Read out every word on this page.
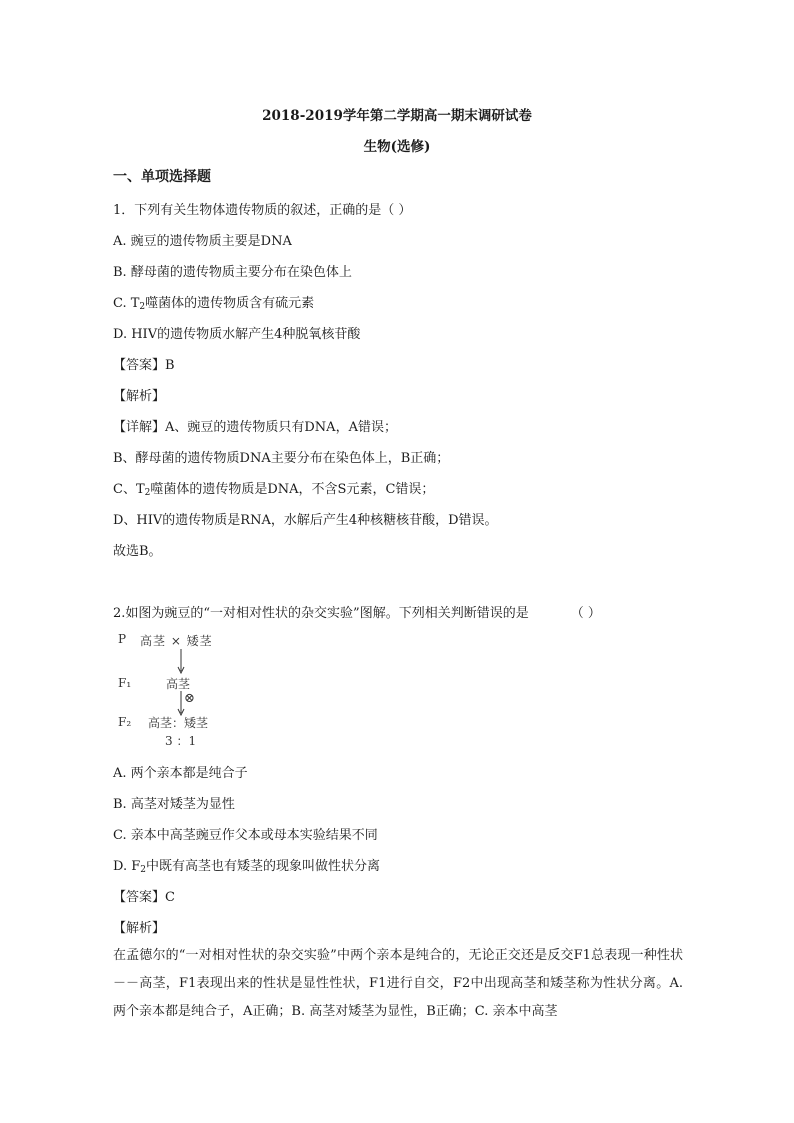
2018-2019学年第二学期高一期末调研试卷
生物(选修)
一、单项选择题
1．下列有关生物体遗传物质的叙述，正确的是（ ）
A. 豌豆的遗传物质主要是DNA
B. 酵母菌的遗传物质主要分布在染色体上
C. $T_2$噬菌体的遗传物质含有硫元素
D. HIV的遗传物质水解产生4种脱氧核苷酸
【答案】B
【解析】
【详解】A、豌豆的遗传物质只有DNA，A错误；
B、酵母菌的遗传物质DNA主要分布在染色体上，B正确；
C、$T_2$噬菌体的遗传物质是DNA，不含S元素，C错误；
D、HIV的遗传物质是RNA，水解后产生4种核糖核苷酸，D错误。
故选B。
2.如图为豌豆的“一对相对性状的杂交实验”图解。下列相关判断错误的是	（ ）
P 高茎 × 矮茎
F₁	高茎
⊗
F₂ 高茎：矮茎
3 ：1
A. 两个亲本都是纯合子
B. 高茎对矮茎为显性
C. 亲本中高茎豌豆作父本或母本实验结果不同
D. $F_2$中既有高茎也有矮茎的现象叫做性状分离
【答案】C
【解析】
在孟德尔的“一对相对性状的杂交实验”中两个亲本是纯合的，无论正交还是反交F1总表现一种性状－－高茎，F1表现出来的性状是显性性状，F1进行自交，F2中出现高茎和矮茎称为性状分离。A. 两个亲本都是纯合子，A正确；B. 高茎对矮茎为显性，B正确；C. 亲本中高茎
